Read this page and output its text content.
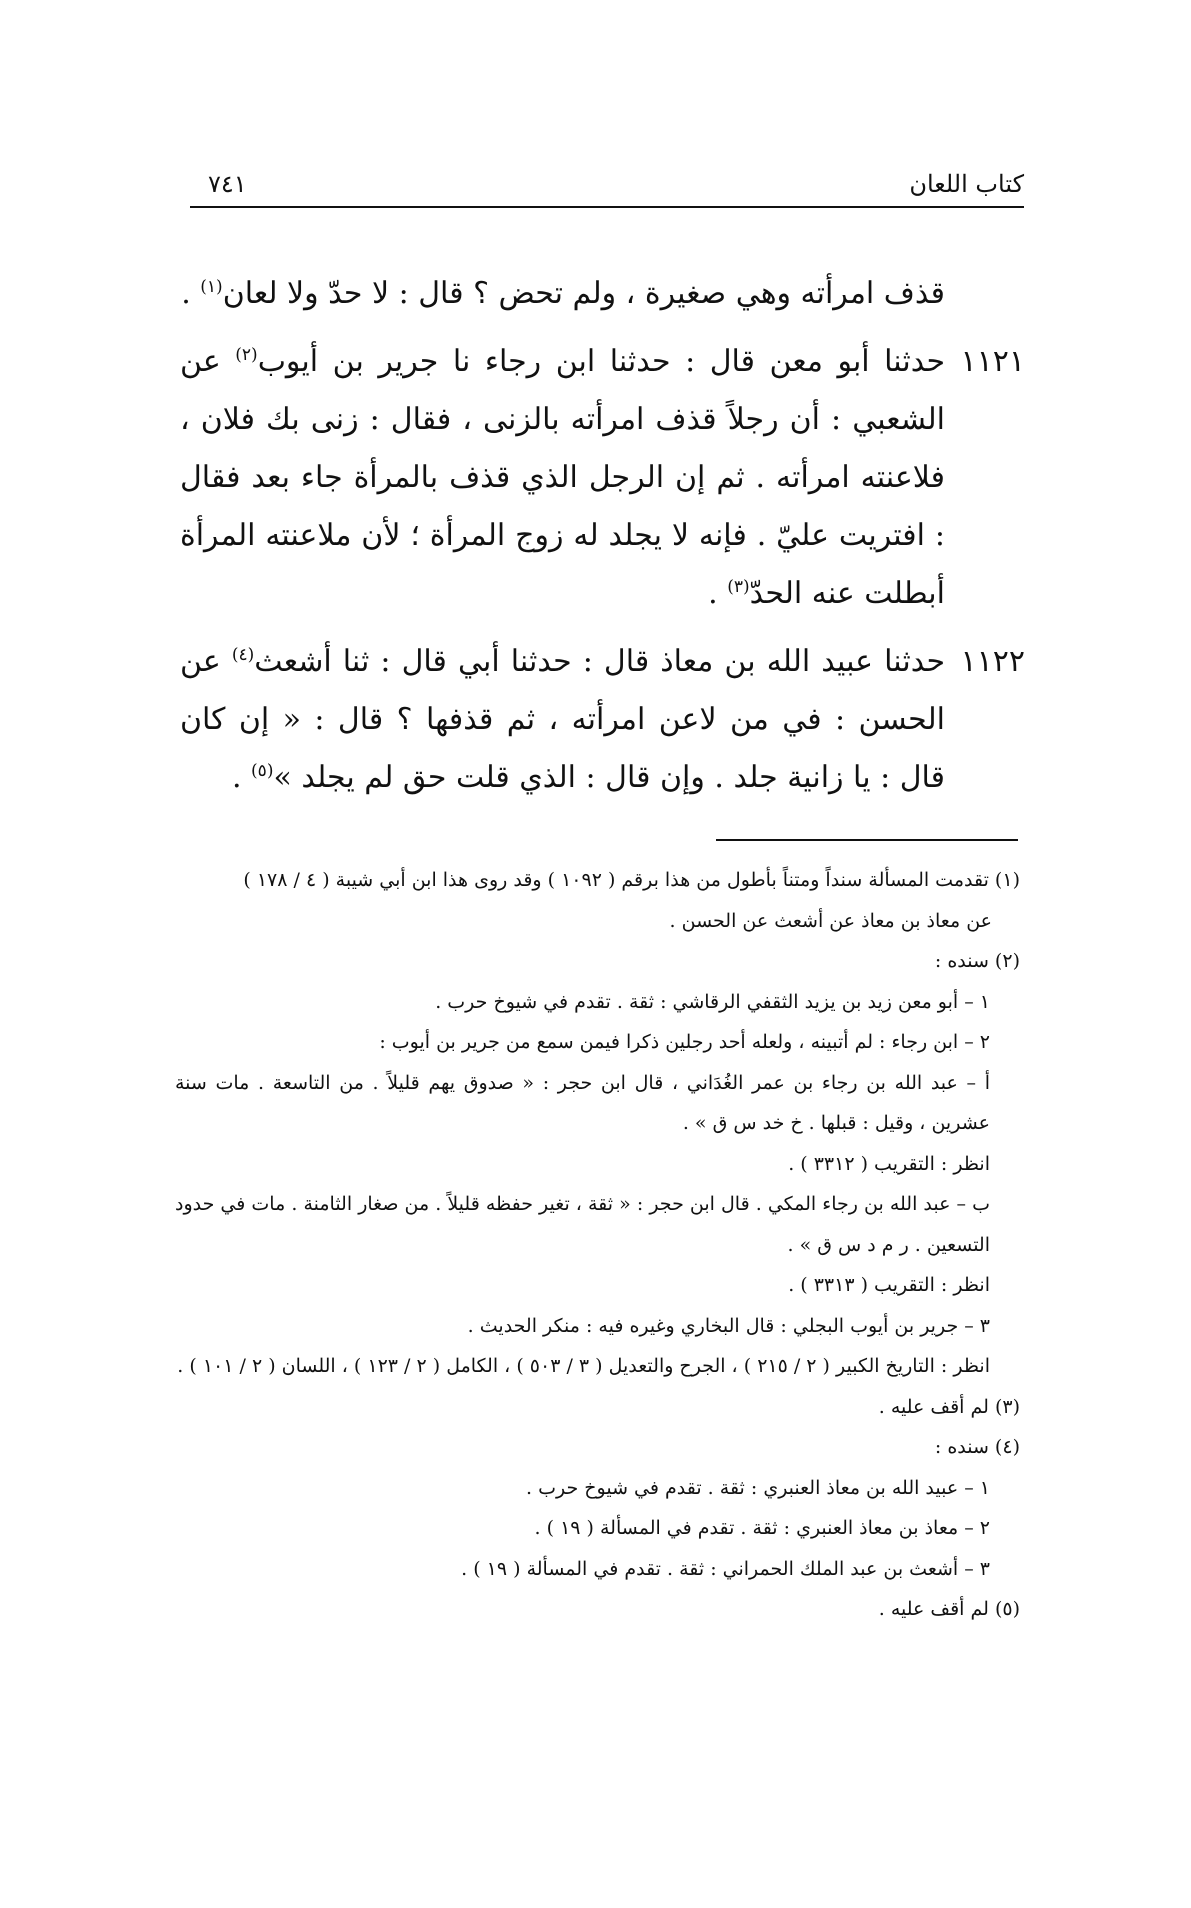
كتاب اللعان
٧٤١
قذف امرأته وهي صغيرة ، ولم تحض ؟ قال : لا حدّ ولا لعان$^{(١)}$ .
١١٢١
حدثنا أبو معن قال : حدثنا ابن رجاء نا جرير بن أيوب$^{(٢)}$ عن الشعبي : أن رجلاً قذف امرأته بالزنى ، فقال : زنى بك فلان ، فلاعنته امرأته . ثم إن الرجل الذي قذف بالمرأة جاء بعد فقال : افتريت عليّ . فإنه لا يجلد له زوج المرأة ؛ لأن ملاعنته المرأة أبطلت عنه الحدّ$^{(٣)}$ .
١١٢٢
حدثنا عبيد الله بن معاذ قال : حدثنا أبي قال : ثنا أشعث$^{(٤)}$ عن الحسن : في من لاعن امرأته ، ثم قذفها ؟ قال : « إن كان قال : يا زانية جلد . وإن قال : الذي قلت حق لم يجلد »$^{(٥)}$ .

(١) تقدمت المسألة سنداً ومتناً بأطول من هذا برقم ( ١٠٩٢ ) وقد روى هذا ابن أبي شيبة ( ٤ / ١٧٨ )

عن معاذ بن معاذ عن أشعث عن الحسن .

(٢) سنده :

١ – أبو معن زيد بن يزيد الثقفي الرقاشي : ثقة . تقدم في شيوخ حرب .

٢ – ابن رجاء : لم أتبينه ، ولعله أحد رجلين ذكرا فيمن سمع من جرير بن أيوب :

أ – عبد الله بن رجاء بن عمر الغُدَاني ، قال ابن حجر : « صدوق يهم قليلاً . من التاسعة . مات سنة عشرين ، وقيل : قبلها . خ خد س ق » .

انظر : التقريب ( ٣٣١٢ ) .

ب – عبد الله بن رجاء المكي . قال ابن حجر : « ثقة ، تغير حفظه قليلاً . من صغار الثامنة . مات في حدود التسعين . ر م د س ق » .

انظر : التقريب ( ٣٣١٣ ) .

٣ – جرير بن أيوب البجلي : قال البخاري وغيره فيه : منكر الحديث .

انظر : التاريخ الكبير ( ٢ / ٢١٥ ) ، الجرح والتعديل ( ٣ / ٥٠٣ ) ، الكامل ( ٢ / ١٢٣ ) ، اللسان ( ٢ / ١٠١ ) .

(٣) لم أقف عليه .

(٤) سنده :

١ – عبيد الله بن معاذ العنبري : ثقة . تقدم في شيوخ حرب .

٢ – معاذ بن معاذ العنبري : ثقة . تقدم في المسألة ( ١٩ ) .

٣ – أشعث بن عبد الملك الحمراني : ثقة . تقدم في المسألة ( ١٩ ) .

(٥) لم أقف عليه .
